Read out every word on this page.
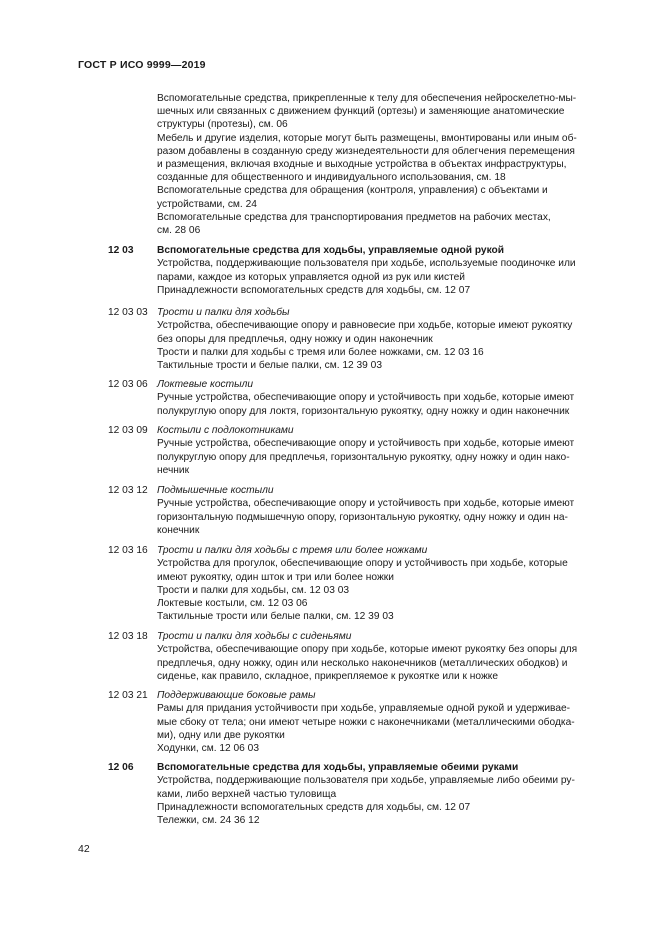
ГОСТ Р ИСО 9999—2019
Вспомогательные средства, прикрепленные к телу для обеспечения нейроскелетно-мы-
шечных или связанных с движением функций (ортезы) и заменяющие анатомические
структуры (протезы), см. 06
Мебель и другие изделия, которые могут быть размещены, вмонтированы или иным об-
разом добавлены в созданную среду жизнедеятельности для облегчения перемещения
и размещения, включая входные и выходные устройства в объектах инфраструктуры,
созданные для общественного и индивидуального использования, см. 18
Вспомогательные средства для обращения (контроля, управления) с объектами и
устройствами, см. 24
Вспомогательные средства для транспортирования предметов на рабочих местах,
см. 28 06
12 03 Вспомогательные средства для ходьбы, управляемые одной рукой
Устройства, поддерживающие пользователя при ходьбе, используемые поодиночке или
парами, каждое из которых управляется одной из рук или кистей
Принадлежности вспомогательных средств для ходьбы, см. 12 07
12 03 03 Трости и палки для ходьбы
Устройства, обеспечивающие опору и равновесие при ходьбе, которые имеют рукоятку
без опоры для предплечья, одну ножку и один наконечник
Трости и палки для ходьбы с тремя или более ножками, см. 12 03 16
Тактильные трости и белые палки, см. 12 39 03
12 03 06 Локтевые костыли
Ручные устройства, обеспечивающие опору и устойчивость при ходьбе, которые имеют
полукруглую опору для локтя, горизонтальную рукоятку, одну ножку и один наконечник
12 03 09 Костыли с подлокотниками
Ручные устройства, обеспечивающие опору и устойчивость при ходьбе, которые имеют
полукруглую опору для предплечья, горизонтальную рукоятку, одну ножку и один нако-
нечник
12 03 12 Подмышечные костыли
Ручные устройства, обеспечивающие опору и устойчивость при ходьбе, которые имеют
горизонтальную подмышечную опору, горизонтальную рукоятку, одну ножку и один на-
конечник
12 03 16 Трости и палки для ходьбы с тремя или более ножками
Устройства для прогулок, обеспечивающие опору и устойчивость при ходьбе, которые
имеют рукоятку, один шток и три или более ножки
Трости и палки для ходьбы, см. 12 03 03
Локтевые костыли, см. 12 03 06
Тактильные трости или белые палки, см. 12 39 03
12 03 18 Трости и палки для ходьбы с сиденьями
Устройства, обеспечивающие опору при ходьбе, которые имеют рукоятку без опоры для
предплечья, одну ножку, один или несколько наконечников (металлических ободков) и
сиденье, как правило, складное, прикрепляемое к рукоятке или к ножке
12 03 21 Поддерживающие боковые рамы
Рамы для придания устойчивости при ходьбе, управляемые одной рукой и удерживае-
мые сбоку от тела; они имеют четыре ножки с наконечниками (металлическими ободка-
ми), одну или две рукоятки
Ходунки, см. 12 06 03
12 06 Вспомогательные средства для ходьбы, управляемые обеими руками
Устройства, поддерживающие пользователя при ходьбе, управляемые либо обеими ру-
ками, либо верхней частью туловища
Принадлежности вспомогательных средств для ходьбы, см. 12 07
Тележки, см. 24 36 12
42
